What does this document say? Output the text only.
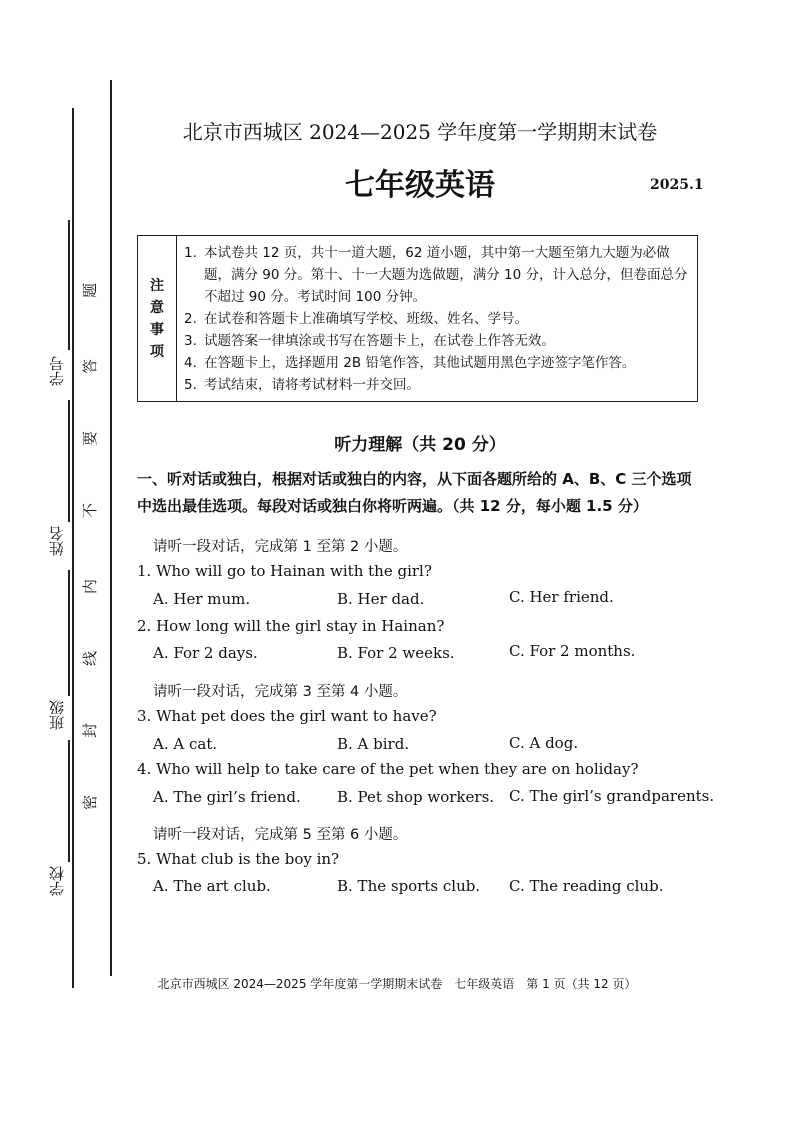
学号
姓名
班级
学校
题
答
要
不
内
线
封
密
北京市西城区 2024—2025 学年度第一学期期末试卷
七年级英语	2025.1
注
意
事
项
1. 本试卷共 12 页，共十一道大题，62 道小题，其中第一大题至第九大题为必做题，满分 90 分。第十、十一大题为选做题，满分 10 分，计入总分，但卷面总分不超过 90 分。考试时间 100 分钟。
2. 在试卷和答题卡上准确填写学校、班级、姓名、学号。
3. 试题答案一律填涂或书写在答题卡上，在试卷上作答无效。
4. 在答题卡上，选择题用 2B 铅笔作答，其他试题用黑色字迹签字笔作答。
5. 考试结束，请将考试材料一并交回。
听力理解（共 20 分）
一、听对话或独白，根据对话或独白的内容，从下面各题所给的 A、B、C 三个选项中选出最佳选项。每段对话或独白你将听两遍。（共 12 分，每小题 1.5 分）
请听一段对话，完成第 1 至第 2 小题。
1. Who will go to Hainan with the girl?
A. Her mum.	B. Her dad.	C. Her friend.
2. How long will the girl stay in Hainan?
A. For 2 days.	B. For 2 weeks.	C. For 2 months.
请听一段对话，完成第 3 至第 4 小题。
3. What pet does the girl want to have?
A. A cat.	B. A bird.	C. A dog.
4. Who will help to take care of the pet when they are on holiday?
A. The girl’s friend. B. Pet shop workers. C. The girl’s grandparents.
请听一段对话，完成第 5 至第 6 小题。
5. What club is the boy in?
A. The art club.	B. The sports club. C. The reading club.
北京市西城区 2024—2025 学年度第一学期期末试卷　七年级英语　第 1 页（共 12 页）
